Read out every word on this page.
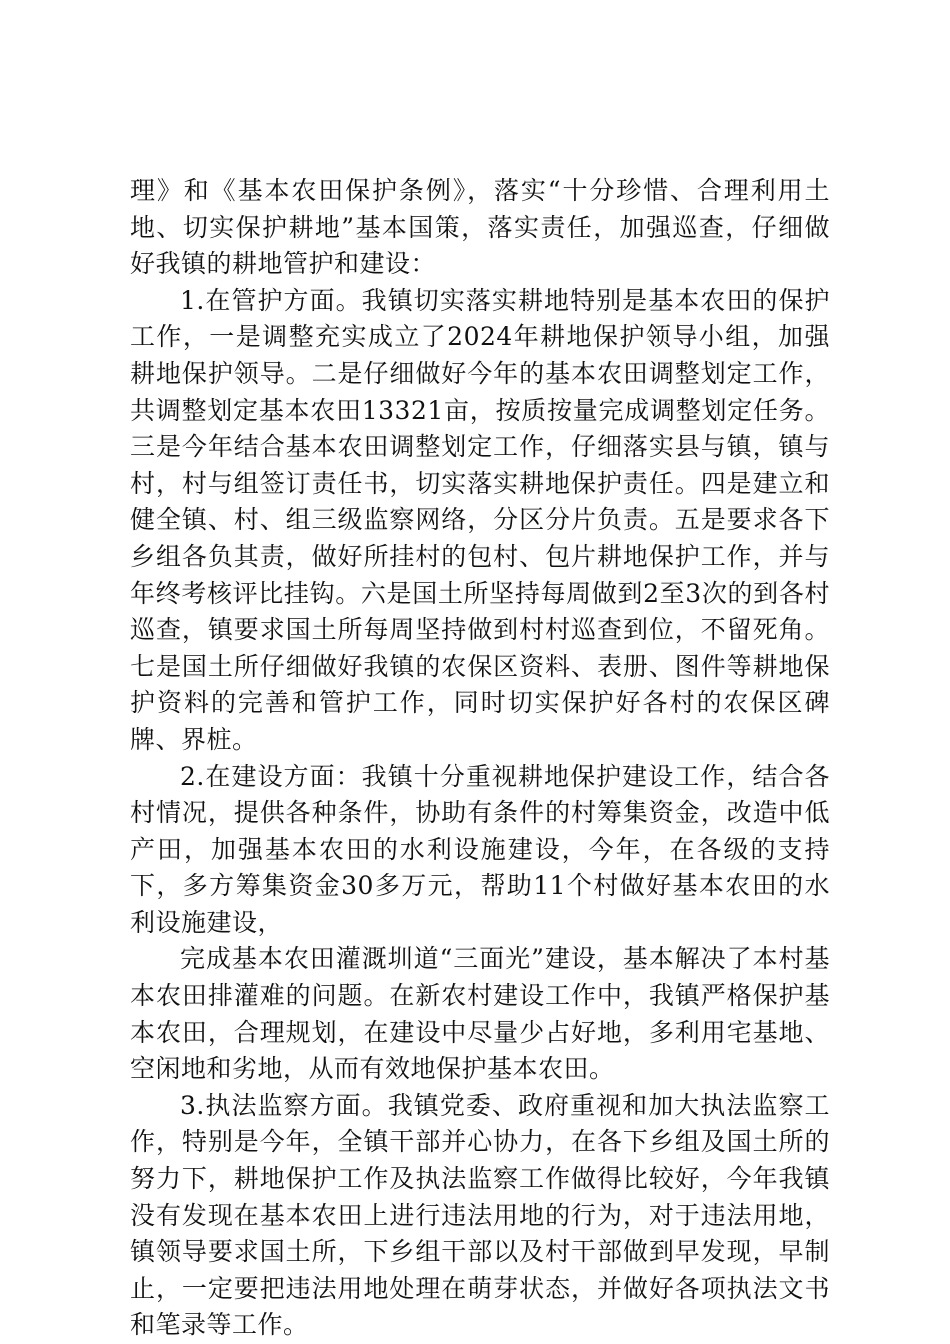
理》和《基本农田保护条例》，落实“十分珍惜、合理利用土地、切实保护耕地”基本国策，落实责任，加强巡查，仔细做好我镇的耕地管护和建设：

1.在管护方面。我镇切实落实耕地特别是基本农田的保护工作，一是调整充实成立了2024年耕地保护领导小组，加强耕地保护领导。二是仔细做好今年的基本农田调整划定工作，共调整划定基本农田13321亩，按质按量完成调整划定任务。三是今年结合基本农田调整划定工作，仔细落实县与镇，镇与村，村与组签订责任书，切实落实耕地保护责任。四是建立和健全镇、村、组三级监察网络，分区分片负责。五是要求各下乡组各负其责，做好所挂村的包村、包片耕地保护工作，并与年终考核评比挂钩。六是国土所坚持每周做到2至3次的到各村巡查，镇要求国土所每周坚持做到村村巡查到位，不留死角。七是国土所仔细做好我镇的农保区资料、表册、图件等耕地保护资料的完善和管护工作，同时切实保护好各村的农保区碑牌、界桩。

2.在建设方面：我镇十分重视耕地保护建设工作，结合各村情况，提供各种条件，协助有条件的村筹集资金，改造中低产田，加强基本农田的水利设施建设，今年，在各级的支持下，多方筹集资金30多万元，帮助11个村做好基本农田的水利设施建设，

完成基本农田灌溉圳道“三面光”建设，基本解决了本村基本农田排灌难的问题。在新农村建设工作中，我镇严格保护基本农田，合理规划，在建设中尽量少占好地，多利用宅基地、空闲地和劣地，从而有效地保护基本农田。

3.执法监察方面。我镇党委、政府重视和加大执法监察工作，特别是今年，全镇干部并心协力，在各下乡组及国土所的努力下，耕地保护工作及执法监察工作做得比较好，今年我镇没有发现在基本农田上进行违法用地的行为，对于违法用地，镇领导要求国土所，下乡组干部以及村干部做到早发现，早制止，一定要把违法用地处理在萌芽状态，并做好各项执法文书和笔录等工作。
